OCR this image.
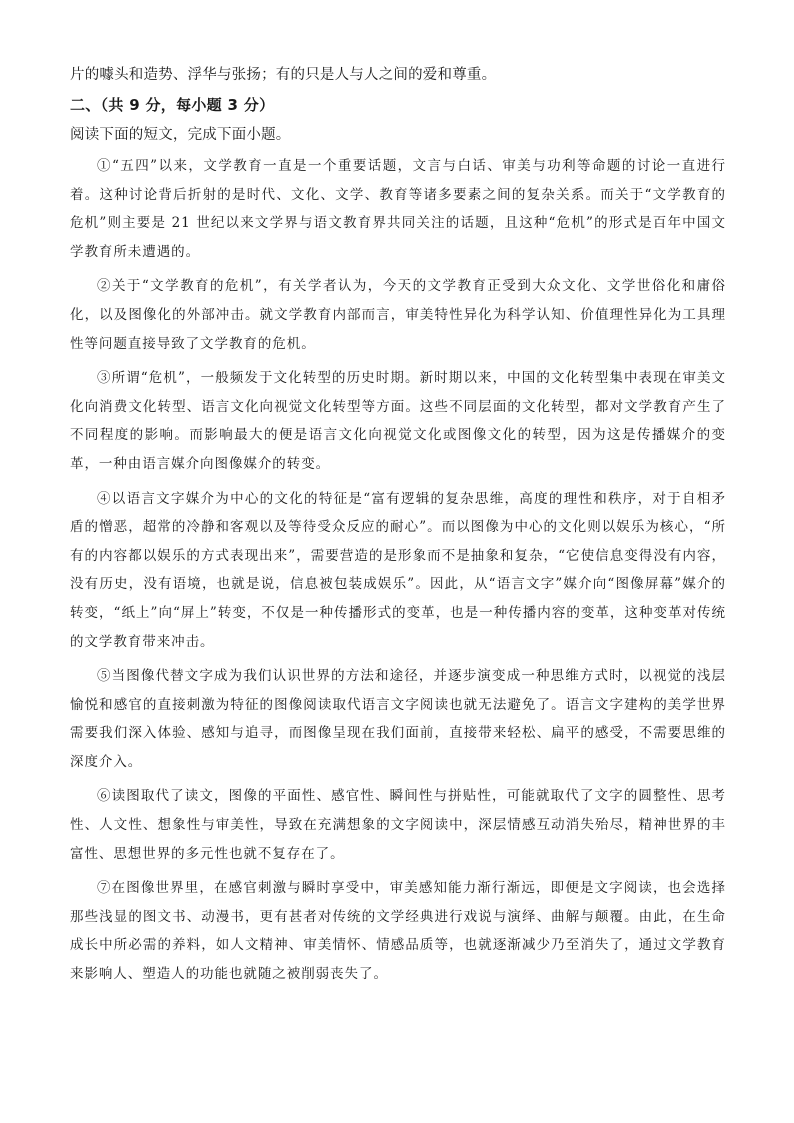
片的噱头和造势、浮华与张扬；有的只是人与人之间的爱和尊重。

二、（共 9 分，每小题 3 分）

阅读下面的短文，完成下面小题。

①“五四”以来，文学教育一直是一个重要话题，文言与白话、审美与功利等命题的讨论一直进行着。这种讨论背后折射的是时代、文化、文学、教育等诸多要素之间的复杂关系。而关于“文学教育的危机”则主要是 21 世纪以来文学界与语文教育界共同关注的话题，且这种“危机”的形式是百年中国文学教育所未遭遇的。

②关于“文学教育的危机”，有关学者认为，今天的文学教育正受到大众文化、文学世俗化和庸俗化，以及图像化的外部冲击。就文学教育内部而言，审美特性异化为科学认知、价值理性异化为工具理性等问题直接导致了文学教育的危机。

③所谓“危机”，一般频发于文化转型的历史时期。新时期以来，中国的文化转型集中表现在审美文化向消费文化转型、语言文化向视觉文化转型等方面。这些不同层面的文化转型，都对文学教育产生了不同程度的影响。而影响最大的便是语言文化向视觉文化或图像文化的转型，因为这是传播媒介的变革，一种由语言媒介向图像媒介的转变。

④以语言文字媒介为中心的文化的特征是“富有逻辑的复杂思维，高度的理性和秩序，对于自相矛盾的憎恶，超常的冷静和客观以及等待受众反应的耐心”。而以图像为中心的文化则以娱乐为核心，“所有的内容都以娱乐的方式表现出来”，需要营造的是形象而不是抽象和复杂，“它使信息变得没有内容，没有历史，没有语境，也就是说，信息被包装成娱乐”。因此，从“语言文字”媒介向“图像屏幕”媒介的转变，“纸上”向“屏上”转变，不仅是一种传播形式的变革，也是一种传播内容的变革，这种变革对传统的文学教育带来冲击。

⑤当图像代替文字成为我们认识世界的方法和途径，并逐步演变成一种思维方式时，以视觉的浅层愉悦和感官的直接刺激为特征的图像阅读取代语言文字阅读也就无法避免了。语言文字建构的美学世界需要我们深入体验、感知与追寻，而图像呈现在我们面前，直接带来轻松、扁平的感受，不需要思维的深度介入。

⑥读图取代了读文，图像的平面性、感官性、瞬间性与拼贴性，可能就取代了文字的圆整性、思考性、人文性、想象性与审美性，导致在充满想象的文字阅读中，深层情感互动消失殆尽，精神世界的丰富性、思想世界的多元性也就不复存在了。

⑦在图像世界里，在感官刺激与瞬时享受中，审美感知能力渐行渐远，即便是文字阅读，也会选择那些浅显的图文书、动漫书，更有甚者对传统的文学经典进行戏说与演绎、曲解与颠覆。由此，在生命成长中所必需的养料，如人文精神、审美情怀、情感品质等，也就逐渐减少乃至消失了，通过文学教育来影响人、塑造人的功能也就随之被削弱丧失了。
